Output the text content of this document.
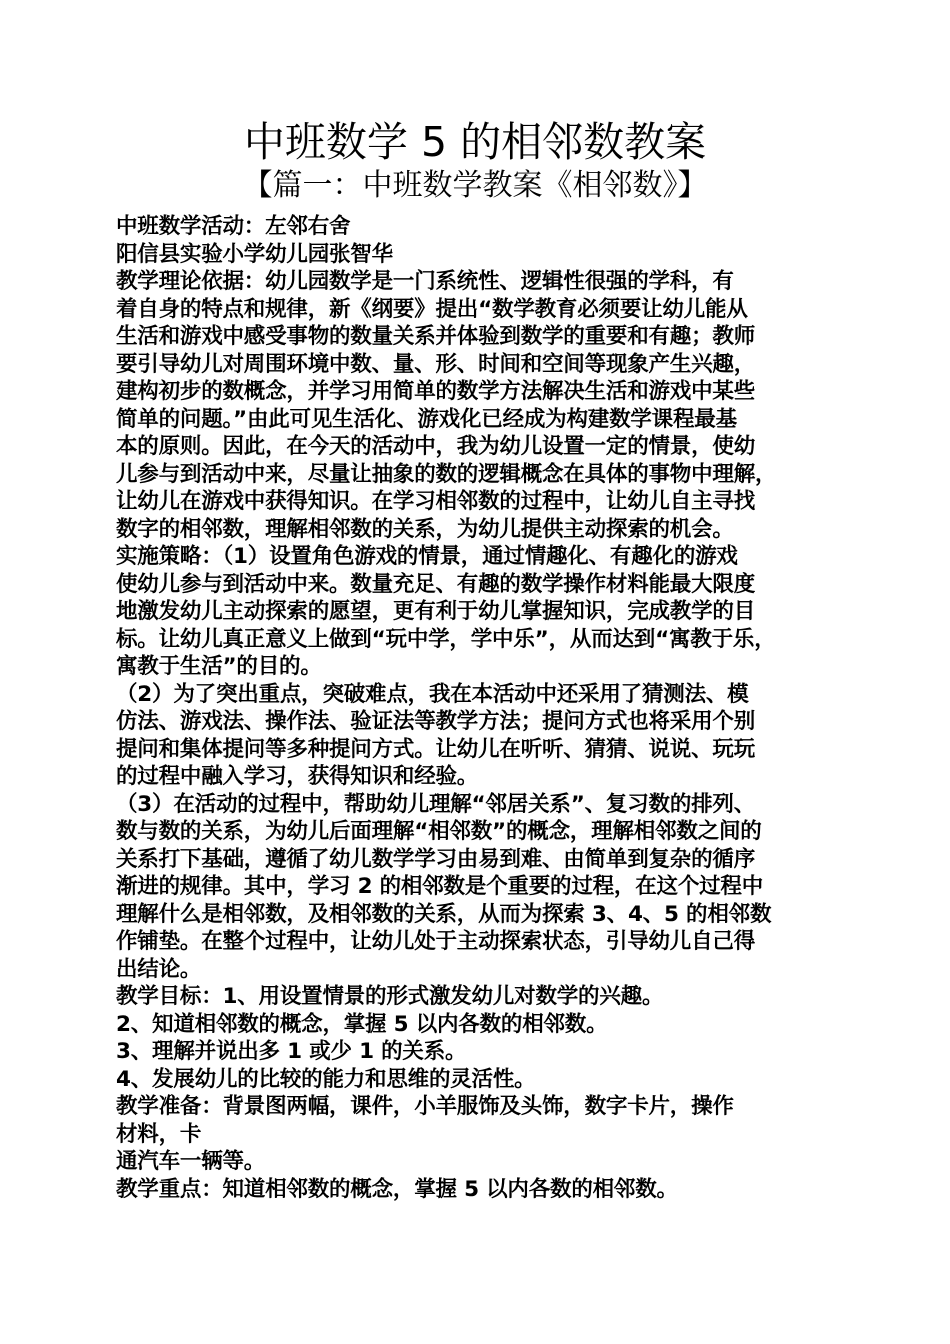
中班数学 5 的相邻数教案
【篇一：中班数学教案《相邻数》】

中班数学活动：左邻右舍

阳信县实验小学幼儿园张智华

教学理论依据：幼儿园数学是一门系统性、逻辑性很强的学科，有

着自身的特点和规律，新《纲要》提出“数学教育必须要让幼儿能从

生活和游戏中感受事物的数量关系并体验到数学的重要和有趣；教师

要引导幼儿对周围环境中数、量、形、时间和空间等现象产生兴趣，

建构初步的数概念，并学习用简单的数学方法解决生活和游戏中某些

简单的问题。”由此可见生活化、游戏化已经成为构建数学课程最基

本的原则。因此，在今天的活动中，我为幼儿设置一定的情景，使幼

儿参与到活动中来，尽量让抽象的数的逻辑概念在具体的事物中理解，

让幼儿在游戏中获得知识。在学习相邻数的过程中，让幼儿自主寻找

数字的相邻数，理解相邻数的关系，为幼儿提供主动探索的机会。

实施策略：（1）设置角色游戏的情景，通过情趣化、有趣化的游戏

使幼儿参与到活动中来。数量充足、有趣的数学操作材料能最大限度

地激发幼儿主动探索的愿望，更有利于幼儿掌握知识，完成教学的目

标。让幼儿真正意义上做到“玩中学，学中乐”，从而达到“寓教于乐，

寓教于生活”的目的。

（2）为了突出重点，突破难点，我在本活动中还采用了猜测法、模

仿法、游戏法、操作法、验证法等教学方法；提问方式也将采用个别

提问和集体提问等多种提问方式。让幼儿在听听、猜猜、说说、玩玩

的过程中融入学习，获得知识和经验。

（3）在活动的过程中，帮助幼儿理解“邻居关系”、复习数的排列、

数与数的关系，为幼儿后面理解“相邻数”的概念，理解相邻数之间的

关系打下基础，遵循了幼儿数学学习由易到难、由简单到复杂的循序

渐进的规律。其中，学习 2 的相邻数是个重要的过程，在这个过程中

理解什么是相邻数，及相邻数的关系，从而为探索 3、4、5 的相邻数

作铺垫。在整个过程中，让幼儿处于主动探索状态，引导幼儿自己得

出结论。

教学目标：1、用设置情景的形式激发幼儿对数学的兴趣。

2、知道相邻数的概念，掌握 5 以内各数的相邻数。

3、理解并说出多 1 或少 1 的关系。

4、发展幼儿的比较的能力和思维的灵活性。

教学准备：背景图两幅，课件，小羊服饰及头饰，数字卡片，操作

材料，卡

通汽车一辆等。

教学重点：知道相邻数的概念，掌握 5 以内各数的相邻数。
